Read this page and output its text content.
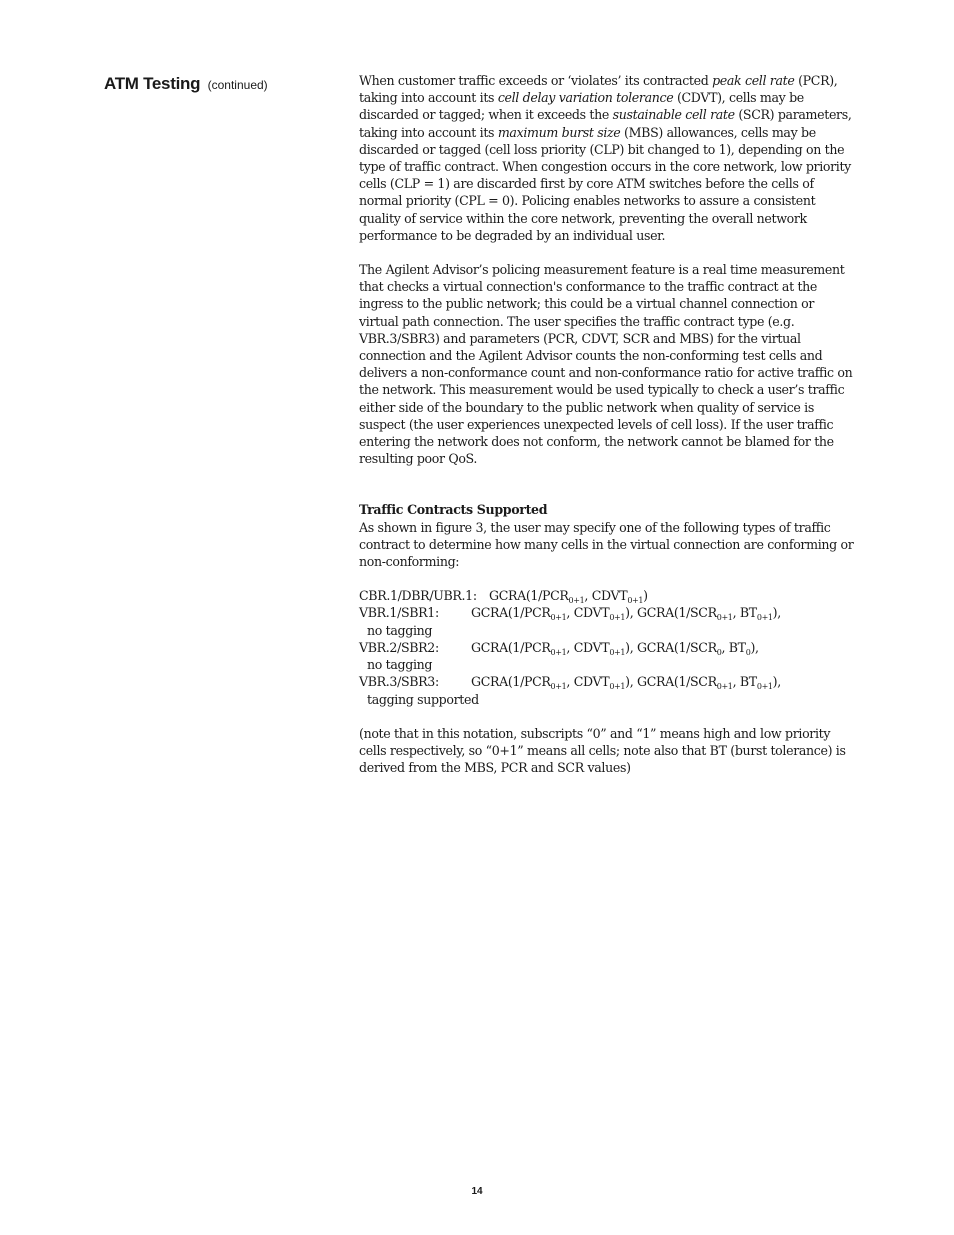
ATM Testing (continued)	When customer traffic exceeds or ‘violates’ its contracted peak cell rate (PCR), taking into account its cell delay variation tolerance (CDVT), cells may be discarded or tagged; when it exceeds the sustainable cell rate (SCR) parameters, taking into account its maximum burst size (MBS) allowances, cells may be discarded or tagged (cell loss priority (CLP) bit changed to 1), depending on the type of traffic contract. When congestion occurs in the core network, low priority cells (CLP = 1) are discarded first by core ATM switches before the cells of normal priority (CPL = 0). Policing enables networks to assure a consistent quality of service within the core network, preventing the overall network performance to be degraded by an individual user.

The Agilent Advisor’s policing measurement feature is a real time measurement that checks a virtual connection's conformance to the traffic contract at the ingress to the public network; this could be a virtual channel connection or virtual path connection. The user specifies the traffic contract type (e.g. VBR.3/SBR3) and parameters (PCR, CDVT, SCR and MBS) for the virtual connection and the Agilent Advisor counts the non-conforming test cells and delivers a non-conformance count and non-conformance ratio for active traffic on the network. This measurement would be used typically to check a user’s traffic either side of the boundary to the public network when quality of service is suspect (the user experiences unexpected levels of cell loss). If the user traffic entering the network does not conform, the network cannot be blamed for the resulting poor QoS.

Traffic Contracts Supported

As shown in figure 3, the user may specify one of the following types of traffic contract to determine how many cells in the virtual connection are conforming or non-conforming:

CBR.1/DBR/UBR.1: $GCRA(1/PCR_{0+1}$, $CDVT_{0+1}$)
VBR.1/SBR1:	$GCRA(1/PCR_{0+1}$, $CDVT_{0+1}$), $GCRA(1/SCR_{0+1}$, $BT_{0+1}$),
no tagging
VBR.2/SBR2:	$GCRA(1/PCR_{0+1}$, $CDVT_{0+1}$), $GCRA(1/SCR_0$, $BT_0$),
no tagging
VBR.3/SBR3:	$GCRA(1/PCR_{0+1}$, $CDVT_{0+1}$), $GCRA(1/SCR_{0+1}$, $BT_{0+1}$),
tagging supported

(note that in this notation, subscripts “0” and “1” means high and low priority cells respectively, so “0+1” means all cells; note also that BT (burst tolerance) is derived from the MBS, PCR and SCR values)

14
